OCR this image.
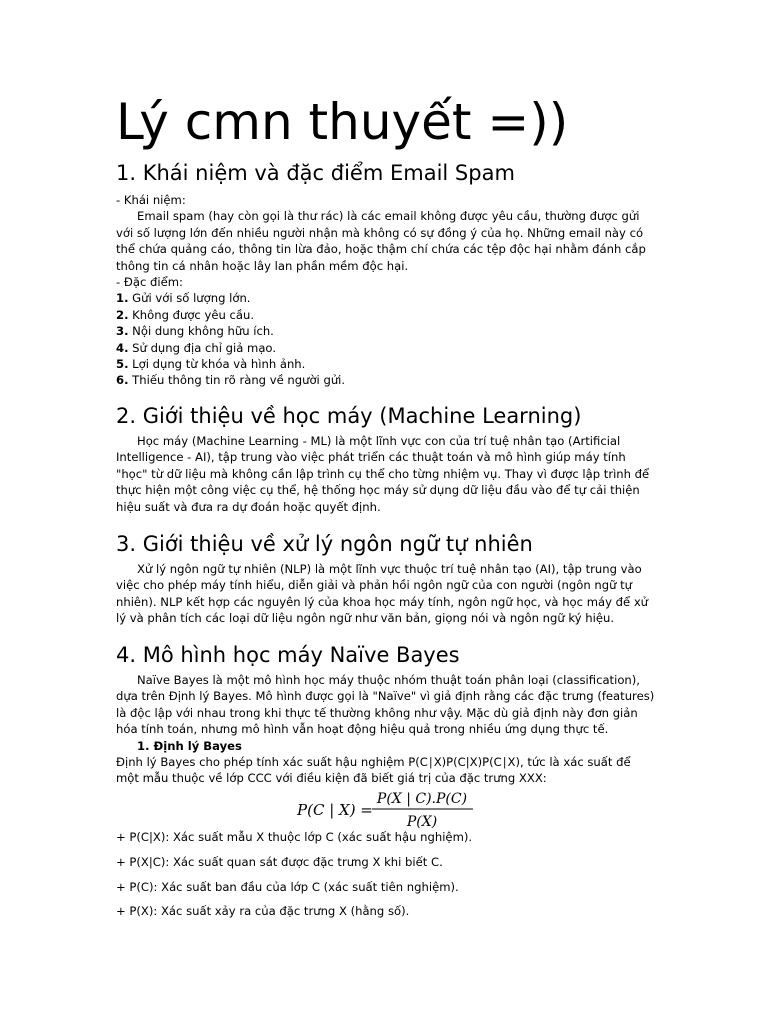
Lý cmn thuyết =))
1. Khái niệm và đặc điểm Email Spam

- Khái niệm:

Email spam (hay còn gọi là thư rác) là các email không được yêu cầu, thường được gửi với số lượng lớn đến nhiều người nhận mà không có sự đồng ý của họ. Những email này có thể chứa quảng cáo, thông tin lừa đảo, hoặc thậm chí chứa các tệp độc hại nhằm đánh cắp thông tin cá nhân hoặc lây lan phần mềm độc hại.

- Đặc điểm:

1. Gửi với số lượng lớn.
2. Không được yêu cầu.
3. Nội dung không hữu ích.
4. Sử dụng địa chỉ giả mạo.
5. Lợi dụng từ khóa và hình ảnh.
6. Thiếu thông tin rõ ràng về người gửi.
2. Giới thiệu về học máy (Machine Learning)

Học máy (Machine Learning - ML) là một lĩnh vực con của trí tuệ nhân tạo (Artificial Intelligence - AI), tập trung vào việc phát triển các thuật toán và mô hình giúp máy tính "học" từ dữ liệu mà không cần lập trình cụ thể cho từng nhiệm vụ. Thay vì được lập trình để thực hiện một công việc cụ thể, hệ thống học máy sử dụng dữ liệu đầu vào để tự cải thiện hiệu suất và đưa ra dự đoán hoặc quyết định.

3. Giới thiệu về xử lý ngôn ngữ tự nhiên

Xử lý ngôn ngữ tự nhiên (NLP) là một lĩnh vực thuộc trí tuệ nhân tạo (AI), tập trung vào việc cho phép máy tính hiểu, diễn giải và phản hồi ngôn ngữ của con người (ngôn ngữ tự nhiên). NLP kết hợp các nguyên lý của khoa học máy tính, ngôn ngữ học, và học máy để xử lý và phân tích các loại dữ liệu ngôn ngữ như văn bản, giọng nói và ngôn ngữ ký hiệu.

4. Mô hình học máy Naïve Bayes

Naïve Bayes là một mô hình học máy thuộc nhóm thuật toán phân loại (classification), dựa trên Định lý Bayes. Mô hình được gọi là "Naïve" vì giả định rằng các đặc trưng (features) là độc lập với nhau trong khi thực tế thường không như vậy. Mặc dù giả định này đơn giản hóa tính toán, nhưng mô hình vẫn hoạt động hiệu quả trong nhiều ứng dụng thực tế.

1. Định lý Bayes

Định lý Bayes cho phép tính xác suất hậu nghiệm P(C∣X)P(C|X)P(C∣X), tức là xác suất để một mẫu thuộc về lớp CCC với điều kiện đã biết giá trị của đặc trưng XXX:

P(C | X) =
P(X | C).P(C)
P(X)

+ P(C|X): Xác suất mẫu X thuộc lớp C (xác suất hậu nghiệm).

+ P(X|C): Xác suất quan sát được đặc trưng X khi biết C.

+ P(C): Xác suất ban đầu của lớp C (xác suất tiên nghiệm).

+ P(X): Xác suất xảy ra của đặc trưng X (hằng số).
